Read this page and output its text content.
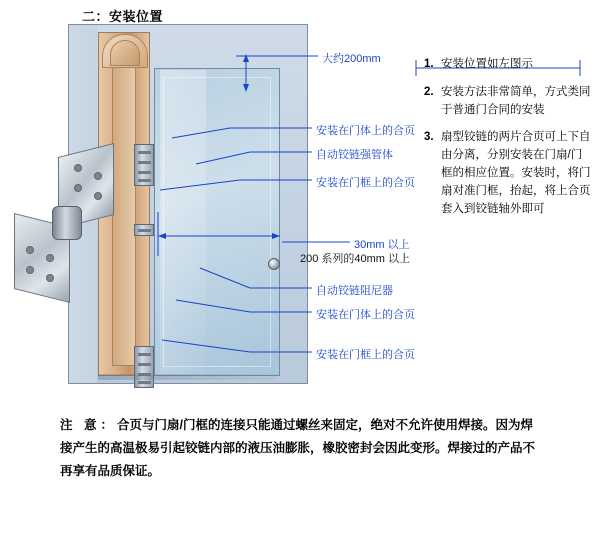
二：安装位置
大约200mm
安装在门体上的合页
自动铰链强管体
安装在门框上的合页
30mm 以上
200 系列的40mm 以上
自动铰链阻尼器
安装在门体上的合页
安装在门框上的合页
1. 安装位置如左图示
2. 安装方法非常简单，方式类同于普通门合同的安装
3. 扇型铰链的两片合页可上下自由分离，分别安装在门扇/门框的相应位置。安装时，将门扇对准门框，抬起，将上合页套入到铰链轴外即可
注 意：合页与门扇/门框的连接只能通过螺丝来固定，绝对不允许使用焊接。因为焊接产生的高温极易引起铰链内部的液压油膨胀，橡胶密封会因此变形。焊接过的产品不再享有品质保证。
